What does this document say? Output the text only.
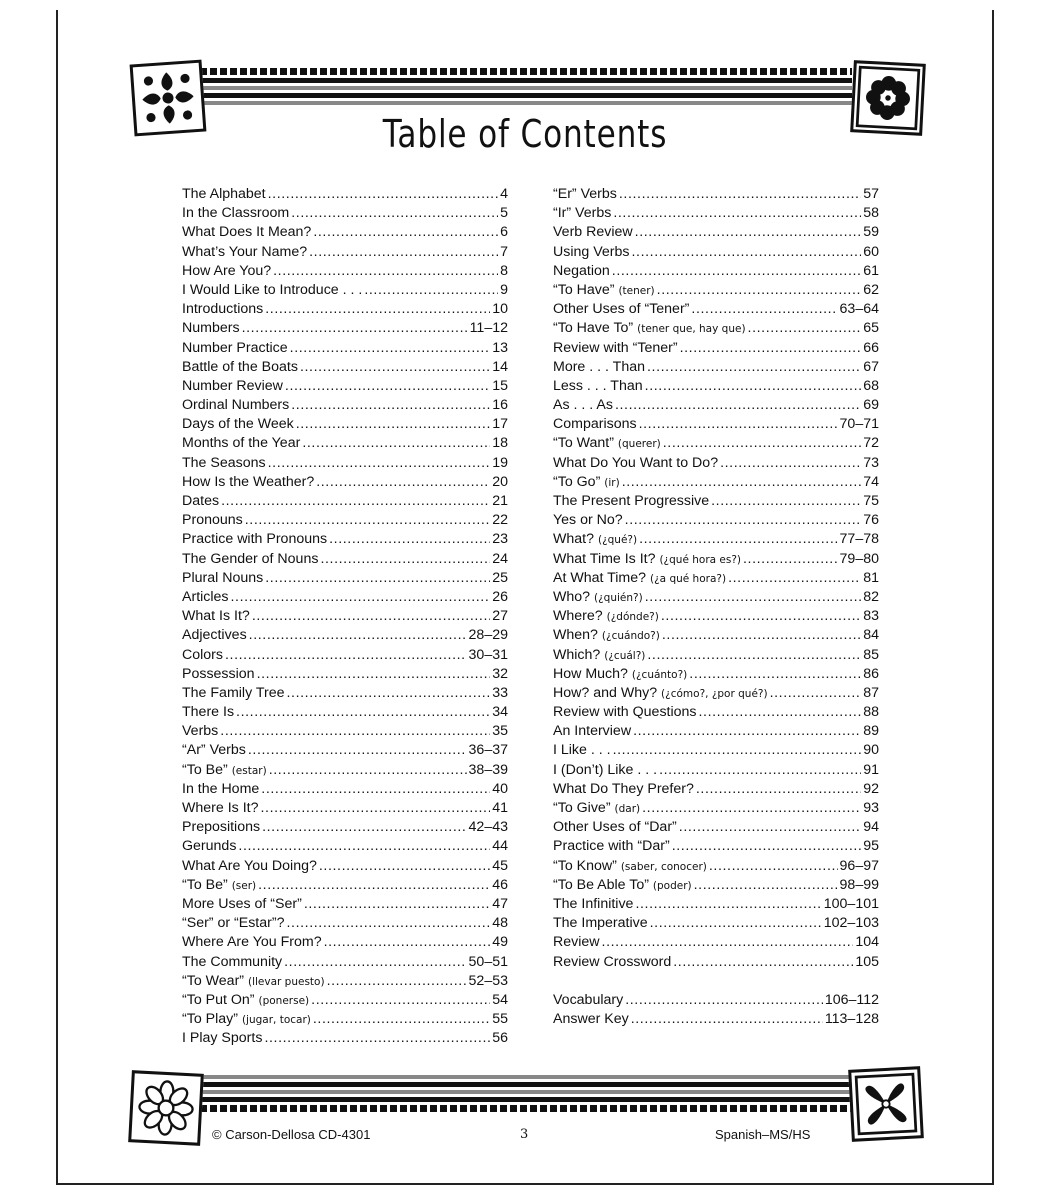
Table of Contents
The Alphabet .....	4
In the Classroom .....	5
What Does It Mean? .....	6
What’s Your Name? .....	7
How Are You? .....	8
I Would Like to Introduce . . . .....	9
Introductions .....	10
Numbers .....	11–12
Number Practice .....	13
Battle of the Boats .....	14
Number Review .....	15
Ordinal Numbers .....	16
Days of the Week .....	17
Months of the Year .....	18
The Seasons .....	19
How Is the Weather? .....	20
Dates .....	21
Pronouns .....	22
Practice with Pronouns .....	23
The Gender of Nouns .....	24
Plural Nouns .....	25
Articles .....	26
What Is It? .....	27
Adjectives .....	28–29
Colors .....	30–31
Possession .....	32
The Family Tree .....	33
There Is .....	34
Verbs .....	35
“Ar” Verbs .....	36–37
“To Be” (estar) .....	38–39
In the Home .....	40
Where Is It? .....	41
Prepositions .....	42–43
Gerunds .....	44
What Are You Doing? .....	45
“To Be” (ser) .....	46
More Uses of “Ser” .....	47
“Ser” or “Estar”? .....	48
Where Are You From? .....	49
The Community .....	50–51
“To Wear” (llevar puesto) .....	52–53
“To Put On” (ponerse) .....	54
“To Play” (jugar, tocar) .....	55
I Play Sports .....	56
“Er” Verbs .....	57
“Ir” Verbs .....	58
Verb Review .....	59
Using Verbs .....	60
Negation .....	61
“To Have” (tener) .....	62
Other Uses of “Tener” .....	63–64
“To Have To” (tener que, hay que) .....	65
Review with “Tener” .....	66
More . . . Than .....	67
Less . . . Than .....	68
As . . . As .....	69
Comparisons .....	70–71
“To Want” (querer) .....	72
What Do You Want to Do? .....	73
“To Go” (ir) .....	74
The Present Progressive .....	75
Yes or No? .....	76
What? (¿qué?) .....	77–78
What Time Is It? (¿qué hora es?) .....	79–80
At What Time? (¿a qué hora?) .....	81
Who? (¿quién?) .....	82
Where? (¿dónde?) .....	83
When? (¿cuándo?) .....	84
Which? (¿cuál?) .....	85
How Much? (¿cuánto?) .....	86
How? and Why? (¿cómo?, ¿por qué?) .....	87
Review with Questions .....	88
An Interview .....	89
I Like . . . .....	90
I (Don’t) Like . . . .....	91
What Do They Prefer? .....	92
“To Give” (dar) .....	93
Other Uses of “Dar” .....	94
Practice with “Dar” .....	95
“To Know” (saber, conocer) .....	96–97
“To Be Able To” (poder) .....	98–99
The Infinitive .....	100–101
The Imperative .....	102–103
Review .....	104
Review Crossword .....	105
Vocabulary .....	106–112
Answer Key .....	113–128
© Carson-Dellosa CD-4301	3	Spanish–MS/HS
